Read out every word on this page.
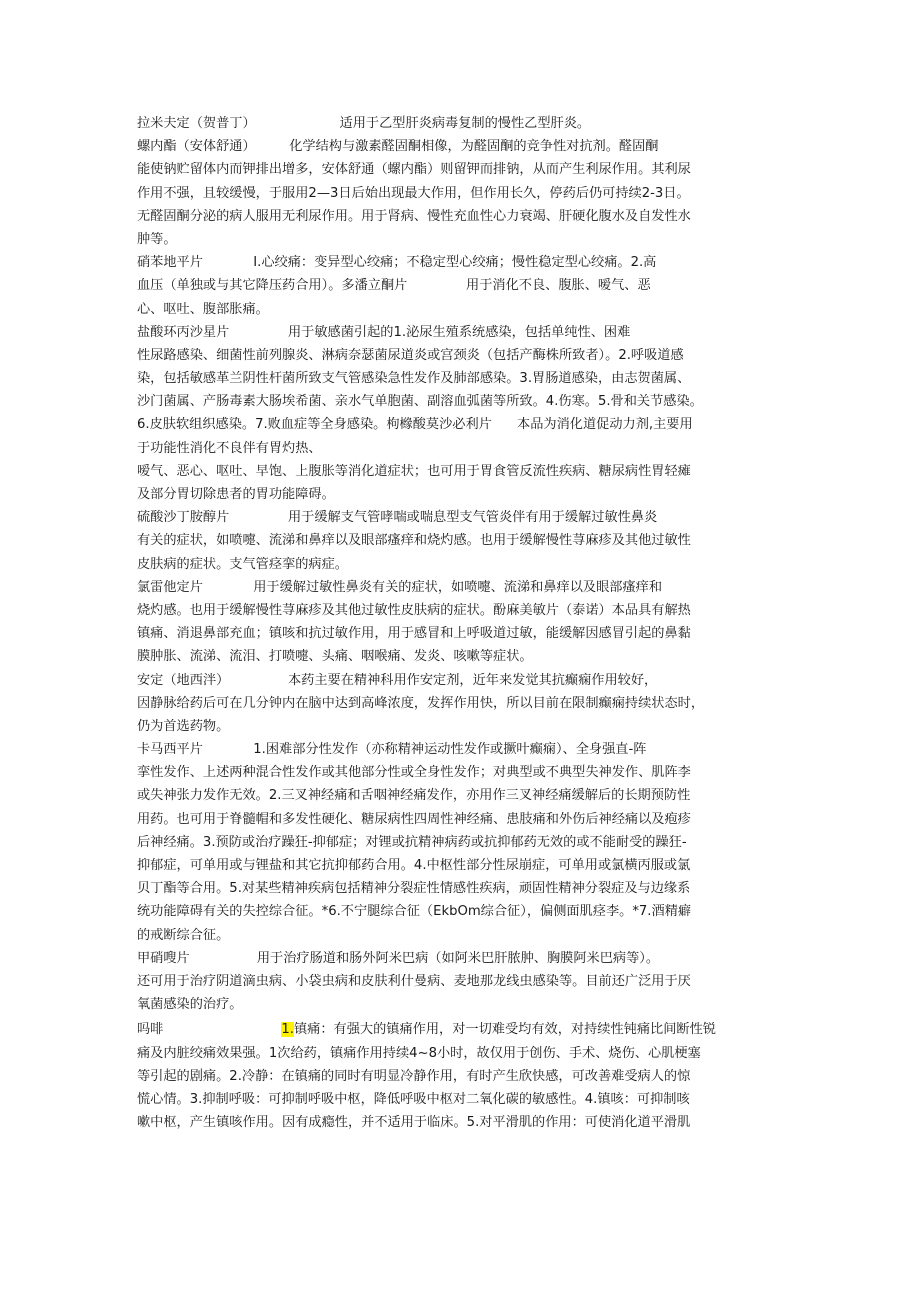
拉米夫定（贺普丁）                    适用于乙型肝炎病毒复制的慢性乙型肝炎。
螺内酯（安体舒通）        化学结构与激素醛固酮相像，为醛固酮的竞争性对抗剂。醛固酮
能使钠贮留体内而钾排出增多，安体舒通（螺内酯）则留钾而排钠，从而产生利尿作用。其利尿
作用不强，且较缓慢，于服用2—3日后始出现最大作用，但作用长久，停药后仍可持续2-3日。
无醛固酮分泌的病人服用无利尿作用。用于肾病、慢性充血性心力衰竭、肝硬化腹水及自发性水
肿等。
硝苯地平片            I.心绞痛：变异型心绞痛；不稳定型心绞痛；慢性稳定型心绞痛。2.高
血压（单独或与其它降压药合用）。多潘立酮片              用于消化不良、腹胀、嗳气、恶
心、呕吐、腹部胀痛。
盐酸环丙沙星片              用于敏感菌引起的1.泌尿生殖系统感染，包括单纯性、困难
性尿路感染、细菌性前列腺炎、淋病奈瑟菌尿道炎或宫颈炎（包括产酶株所致者）。2.呼吸道感
染，包括敏感革兰阴性杆菌所致支气管感染急性发作及肺部感染。3.胃肠道感染，由志贺菌属、
沙门菌属、产肠毒素大肠埃希菌、亲水气单胞菌、副溶血弧菌等所致。4.伤寒。5.骨和关节感染。
6.皮肤软组织感染。7.败血症等全身感染。枸橼酸莫沙必利片      本品为消化道促动力剂,主要用
于功能性消化不良伴有胃灼热、
嗳气、恶心、呕吐、早饱、上腹胀等消化道症状；也可用于胃食管反流性疾病、糖尿病性胃轻瘫
及部分胃切除患者的胃功能障碍。
硫酸沙丁胺醇片              用于缓解支气管哮喘或喘息型支气管炎伴有用于缓解过敏性鼻炎
有关的症状，如喷嚏、流涕和鼻痒以及眼部瘙痒和烧灼感。也用于缓解慢性荨麻疹及其他过敏性
皮肤病的症状。支气管痉挛的病症。
氯雷他定片            用于缓解过敏性鼻炎有关的症状，如喷嚏、流涕和鼻痒以及眼部瘙痒和
烧灼感。也用于缓解慢性荨麻疹及其他过敏性皮肤病的症状。酚麻美敏片（泰诺）本品具有解热
镇痛、消退鼻部充血；镇咳和抗过敏作用，用于感冒和上呼吸道过敏，能缓解因感冒引起的鼻黏
膜肿胀、流涕、流泪、打喷嚏、头痛、咽喉痛、发炎、咳嗽等症状。
安定（地西泮）              本药主要在精神科用作安定剂，近年来发觉其抗癫痫作用较好，
因静脉给药后可在几分钟内在脑中达到高峰浓度，发挥作用快，所以目前在限制癫痫持续状态时，
仍为首选药物。
卡马西平片            1.困难部分性发作（亦称精神运动性发作或撅叶癫痫）、全身强直-阵
挛性发作、上述两种混合性发作或其他部分性或全身性发作；对典型或不典型失神发作、肌阵李
或失神张力发作无效。2.三叉神经痛和舌咽神经痛发作，亦用作三叉神经痛缓解后的长期预防性
用药。也可用于脊髓帽和多发性硬化、糖尿病性四周性神经痛、患肢痛和外伤后神经痛以及疱疹
后神经痛。3.预防或治疗躁狂-抑郁症；对锂或抗精神病药或抗抑郁药无效的或不能耐受的躁狂-
抑郁症，可单用或与锂盐和其它抗抑郁药合用。4.中枢性部分性尿崩症，可单用或氯横丙服或氯
贝丁酯等合用。5.对某些精神疾病包括精神分裂症性情感性疾病，顽固性精神分裂症及与边缘系
统功能障碍有关的失控综合征。*6.不宁腿综合征（EkbOm综合征），偏侧面肌痉李。*7.酒精癖
的戒断综合征。
甲硝嗖片                用于治疗肠道和肠外阿米巴病（如阿米巴肝脓肿、胸膜阿米巴病等）。
还可用于治疗阴道滴虫病、小袋虫病和皮肤利什曼病、麦地那龙线虫感染等。目前还广泛用于厌
氧菌感染的治疗。
吗啡	1.镇痛：有强大的镇痛作用，对一切难受均有效，对持续性钝痛比间断性锐
痛及内脏绞痛效果强。1次给药，镇痛作用持续4~8小时，故仅用于创伤、手术、烧伤、心肌梗塞
等引起的剧痛。2.冷静：在镇痛的同时有明显冷静作用，有时产生欣快感，可改善难受病人的惊
慌心情。3.抑制呼吸：可抑制呼吸中枢，降低呼吸中枢对二氧化碳的敏感性。4.镇咳：可抑制咳
嗽中枢，产生镇咳作用。因有成瘾性，并不适用于临床。5.对平滑肌的作用：可使消化道平滑肌
